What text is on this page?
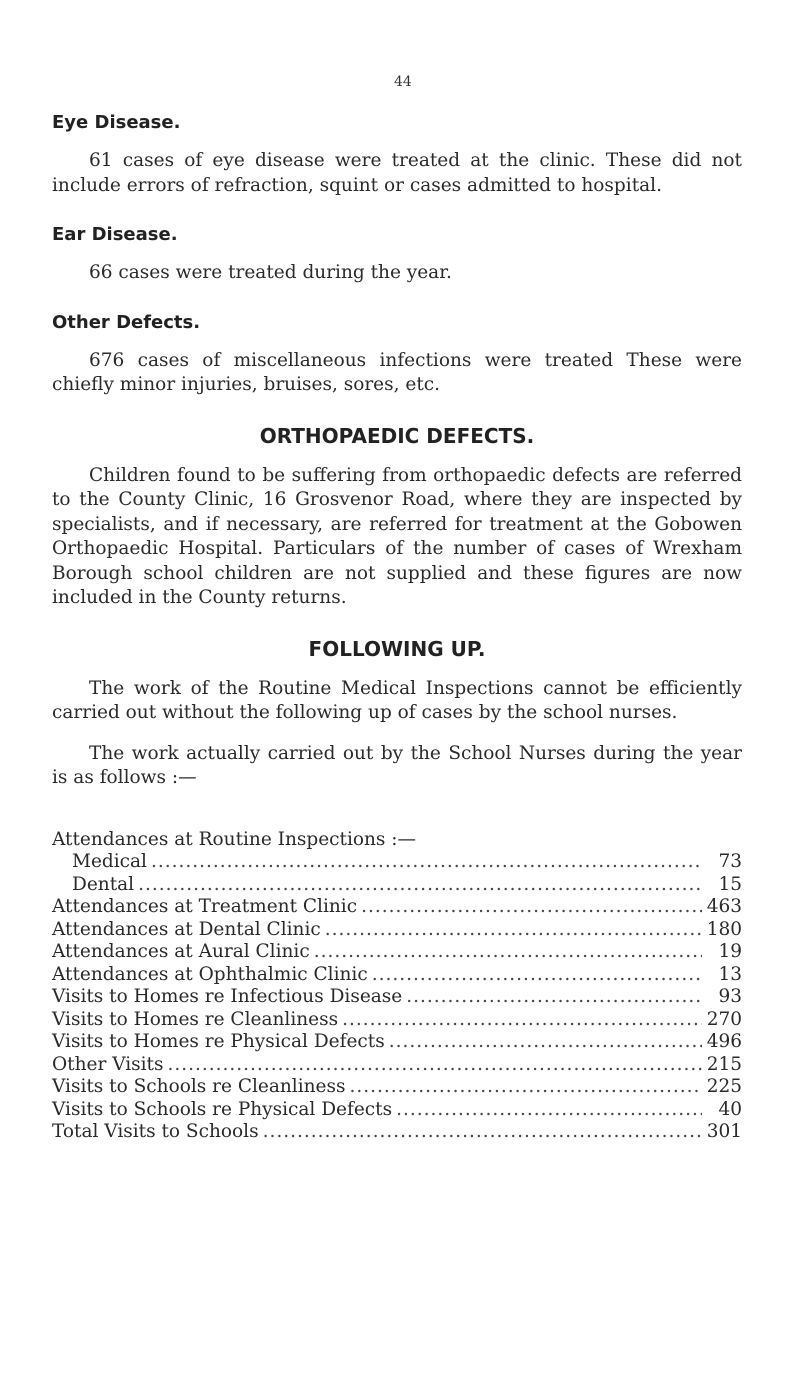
44
Eye Disease.

61 cases of eye disease were treated at the clinic. These did not include errors of refraction, squint or cases admitted to hospital.

Ear Disease.

66 cases were treated during the year.

Other Defects.

676 cases of miscellaneous infections were treated These were chiefly minor injuries, bruises, sores, etc.

ORTHOPAEDIC DEFECTS.

Children found to be suffering from orthopaedic defects are referred to the County Clinic, 16 Grosvenor Road, where they are inspected by specialists, and if necessary, are referred for treatment at the Gobowen Orthopaedic Hospital. Particulars of the number of cases of Wrexham Borough school children are not supplied and these figures are now included in the County returns.

FOLLOWING UP.

The work of the Routine Medical Inspections cannot be efficiently carried out without the following up of cases by the school nurses.

The work actually carried out by the School Nurses during the year is as follows :—

Attendances at Routine Inspections :—

Medical .....	73
Dental .....	15
Attendances at Treatment Clinic .....	463
Attendances at Dental Clinic .....	180
Attendances at Aural Clinic .....	19
Attendances at Ophthalmic Clinic .....	13
Visits to Homes re Infectious Disease .....	93
Visits to Homes re Cleanliness .....	270
Visits to Homes re Physical Defects .....	496
Other Visits .....	215
Visits to Schools re Cleanliness .....	225
Visits to Schools re Physical Defects .....	40
Total Visits to Schools .....	301
